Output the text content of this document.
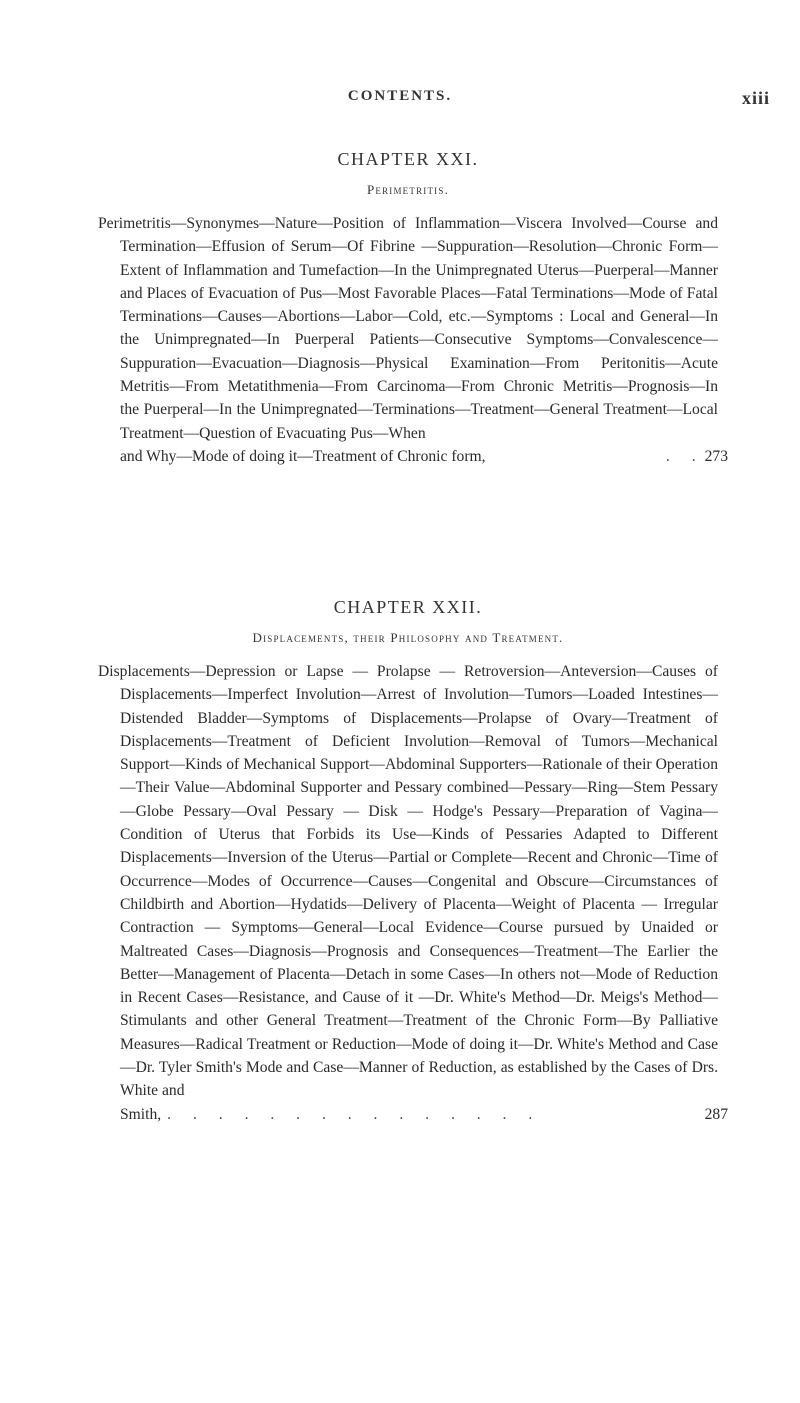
CONTENTS.	xiii

CHAPTER XXI.

Perimetritis.

Perimetritis—Synonymes—Nature—Position of Inflammation—Viscera Involved—Course and Termination—Effusion of Serum—Of Fibrine —Suppuration—Resolution—Chronic Form—Extent of Inflammation and Tumefaction—In the Unimpregnated Uterus—Puerperal—Manner and Places of Evacuation of Pus—Most Favorable Places—Fatal Terminations—Mode of Fatal Terminations—Causes—Abortions—Labor—Cold, etc.—Symptoms : Local and General—In the Unimpregnated—In Puerperal Patients—Consecutive Symptoms—Convalescence—Suppuration—Evacuation—Diagnosis—Physical Examination—From Peritonitis—Acute Metritis—From Metatithmenia—From Carcinoma—From Chronic Metritis—Prognosis—In the Puerperal—In the Unimpregnated—Terminations—Treatment—General Treatment—Local Treatment—Question of Evacuating Pus—When

and Why—Mode of doing it—Treatment of Chronic form,	. . 273

CHAPTER XXII.

Displacements, their Philosophy and Treatment.

Displacements—Depression or Lapse — Prolapse — Retroversion—Anteversion—Causes of Displacements—Imperfect Involution—Arrest of Involution—Tumors—Loaded Intestines—Distended Bladder—Symptoms of Displacements—Prolapse of Ovary—Treatment of Displacements—Treatment of Deficient Involution—Removal of Tumors—Mechanical Support—Kinds of Mechanical Support—Abdominal Supporters—Rationale of their Operation—Their Value—Abdominal Supporter and Pessary combined—Pessary—Ring—Stem Pessary—Globe Pessary—Oval Pessary — Disk — Hodge's Pessary—Preparation of Vagina—Condition of Uterus that Forbids its Use—Kinds of Pessaries Adapted to Different Displacements—Inversion of the Uterus—Partial or Complete—Recent and Chronic—Time of Occurrence—Modes of Occurrence—Causes—Congenital and Obscure—Circumstances of Childbirth and Abortion—Hydatids—Delivery of Placenta—Weight of Placenta — Irregular Contraction — Symptoms—General—Local Evidence—Course pursued by Unaided or Maltreated Cases—Diagnosis—Prognosis and Consequences—Treatment—The Earlier the Better—Management of Placenta—Detach in some Cases—In others not—Mode of Reduction in Recent Cases—Resistance, and Cause of it —Dr. White's Method—Dr. Meigs's Method—Stimulants and other General Treatment—Treatment of the Chronic Form—By Palliative Measures—Radical Treatment or Reduction—Mode of doing it—Dr. White's Method and Case—Dr. Tyler Smith's Mode and Case—Manner of Reduction, as established by the Cases of Drs. White and

Smith, . . . . . . . . . . . . . . .	287
